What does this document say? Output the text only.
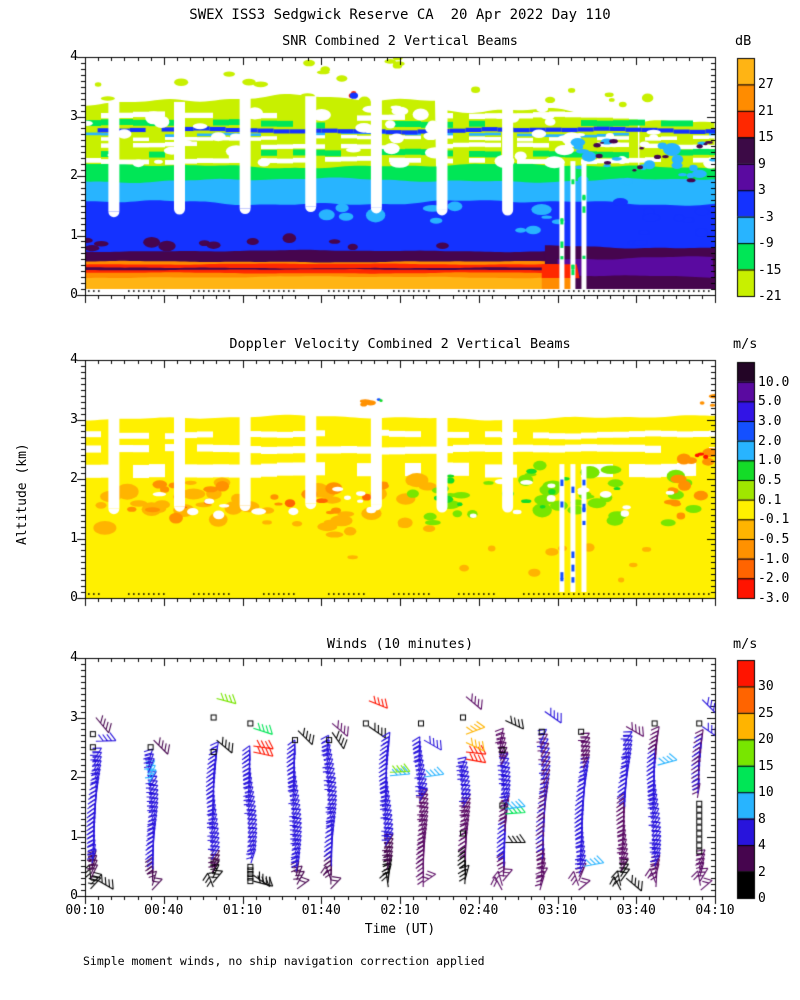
SWEX ISS3 Sedgwick Reserve CA  20 Apr 2022 Day 110
SNR Combined 2 Vertical Beams
Doppler Velocity Combined 2 Vertical Beams
Winds (10 minutes)
dB
m/s
m/s
Time (UT)
Altitude (km)
Simple moment winds, no ship navigation correction applied
0
1
2
3
4
0
1
2
3
4
0
1
2
3
4
00:10	00:40	01:10	01:40	02:10	02:40	03:10	03:40	04:10
27
21
15
9
3
-3
-9
-15
-21
10.0
5.0
3.0
2.0
1.0
0.5
0.1
-0.1
-0.5
-1.0
-2.0
-3.0
30
25
20
15
10
8
4
2
0
